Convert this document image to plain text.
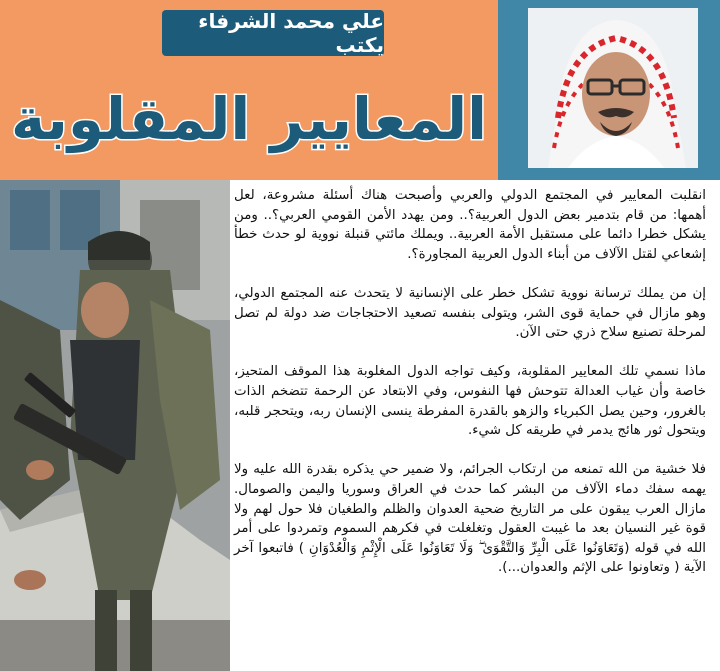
علي محمد الشرفاء يكتب
المعايير المقلوبة

انقلبت المعايير في المجتمع الدولي والعربي وأصبحت هناك أسئلة مشروعة، لعل أهمها: من قام بتدمير بعض الدول العربية؟.. ومن يهدد الأمن القومي العربي؟.. ومن يشكل خطرا دائما على مستقبل الأمة العربية.. ويملك مائتي قنبلة نووية لو حدث خطأ إشعاعي لقتل الآلاف من أبناء الدول العربية المجاورة؟.

إن من يملك ترسانة نووية تشكل خطر على الإنسانية لا يتحدث عنه المجتمع الدولي، وهو مازال في حماية قوى الشر، ويتولى بنفسه تصعيد الاحتجاجات ضد دولة لم تصل لمرحلة تصنيع سلاح ذري حتى الآن.

ماذا نسمي تلك المعايير المقلوبة، وكيف تواجه الدول المغلوبة هذا الموقف المتحيز، خاصة وأن غياب العدالة تتوحش فها النفوس، وفي الابتعاد عن الرحمة تتضخم الذات بالغرور، وحين يصل الكبرياء والزهو بالقدرة المفرطة ينسى الإنسان ربه، ويتحجر قلبه، ويتحول ثور هائج يدمر في طريقه كل شيء.

فلا خشية من الله تمنعه من ارتكاب الجرائم، ولا ضمير حي يذكره بقدرة الله عليه ولا يهمه سفك دماء الآلاف من البشر كما حدث في العراق وسوريا واليمن والصومال. مازال العرب يبقون على مر التاريخ ضحية العدوان والظلم والطغيان فلا حول لهم ولا قوة غير النسيان بعد ما غيبت العقول وتغلغلت في فكرهم السموم وتمردوا على أمر الله في قوله (وَتَعَاوَنُوا عَلَى الْبِرِّ وَالتَّقْوَىٰ ۖ وَلَا تَعَاوَنُوا عَلَى الْإِثْمِ وَالْعُدْوَانِ ) فاتبعوا آخر الآية ( وتعاونوا على الإثم والعدوان...).
